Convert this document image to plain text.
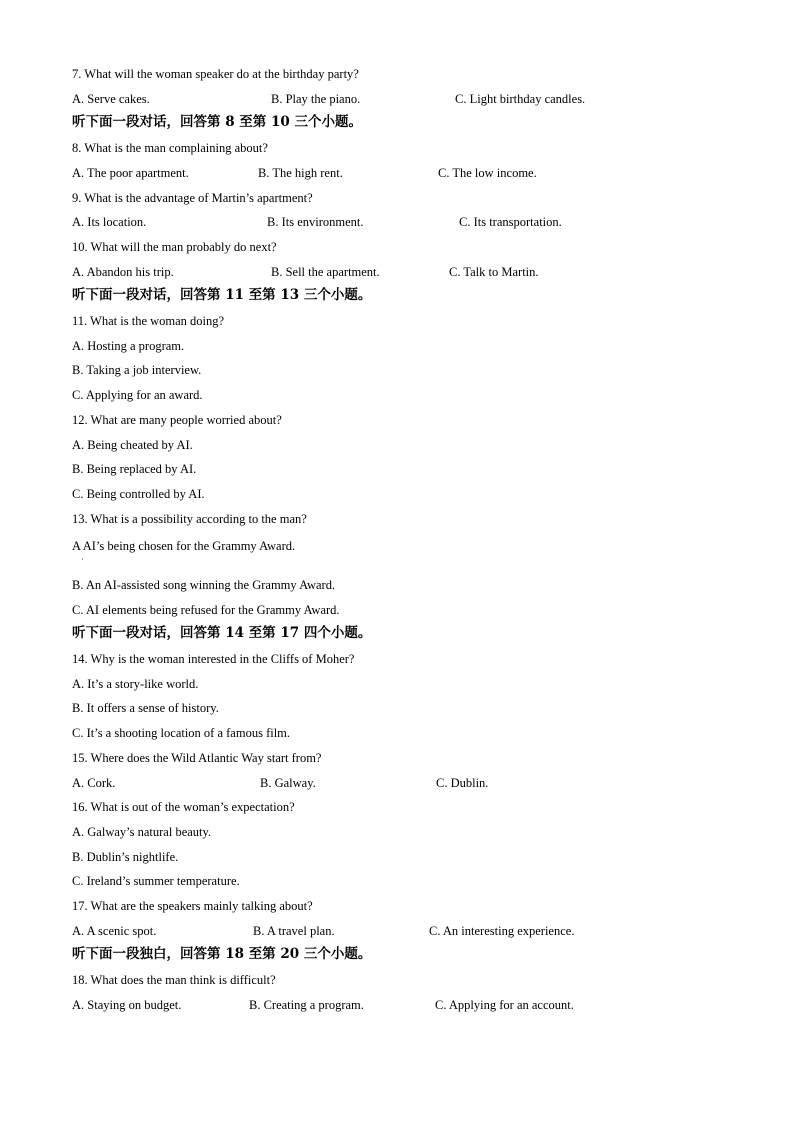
7. What will the woman speaker do at the birthday party?
A. Serve cakes.	B. Play the piano.	C. Light birthday candles.
听下面一段对话，回答第 8 至第 10 三个小题。
8. What is the man complaining about?
A. The poor apartment.	B. The high rent.	C. The low income.
9. What is the advantage of Martin’s apartment?
A. Its location.	B. Its environment.	C. Its transportation.
10. What will the man probably do next?
A. Abandon his trip.	B. Sell the apartment.	C. Talk to Martin.
听下面一段对话，回答第 11 至第 13 三个小题。
11. What is the woman doing?
A. Hosting a program.
B. Taking a job interview.
C. Applying for an award.
12. What are many people worried about?
A. Being cheated by AI.
B. Being replaced by AI.
C. Being controlled by AI.
13. What is a possibility according to the man?
A AI’s being chosen for the Grammy Award.
·
B. An AI-assisted song winning the Grammy Award.
C. AI elements being refused for the Grammy Award.
听下面一段对话，回答第 14 至第 17 四个小题。
14. Why is the woman interested in the Cliffs of Moher?
A. It’s a story-like world.
B. It offers a sense of history.
C. It’s a shooting location of a famous film.
15. Where does the Wild Atlantic Way start from?
A. Cork.	B. Galway.	C. Dublin.
16. What is out of the woman’s expectation?
A. Galway’s natural beauty.
B. Dublin’s nightlife.
C. Ireland’s summer temperature.
17. What are the speakers mainly talking about?
A. A scenic spot.	B. A travel plan.	C. An interesting experience.
听下面一段独白，回答第 18 至第 20 三个小题。
18. What does the man think is difficult?
A. Staying on budget.	B. Creating a program.	C. Applying for an account.
